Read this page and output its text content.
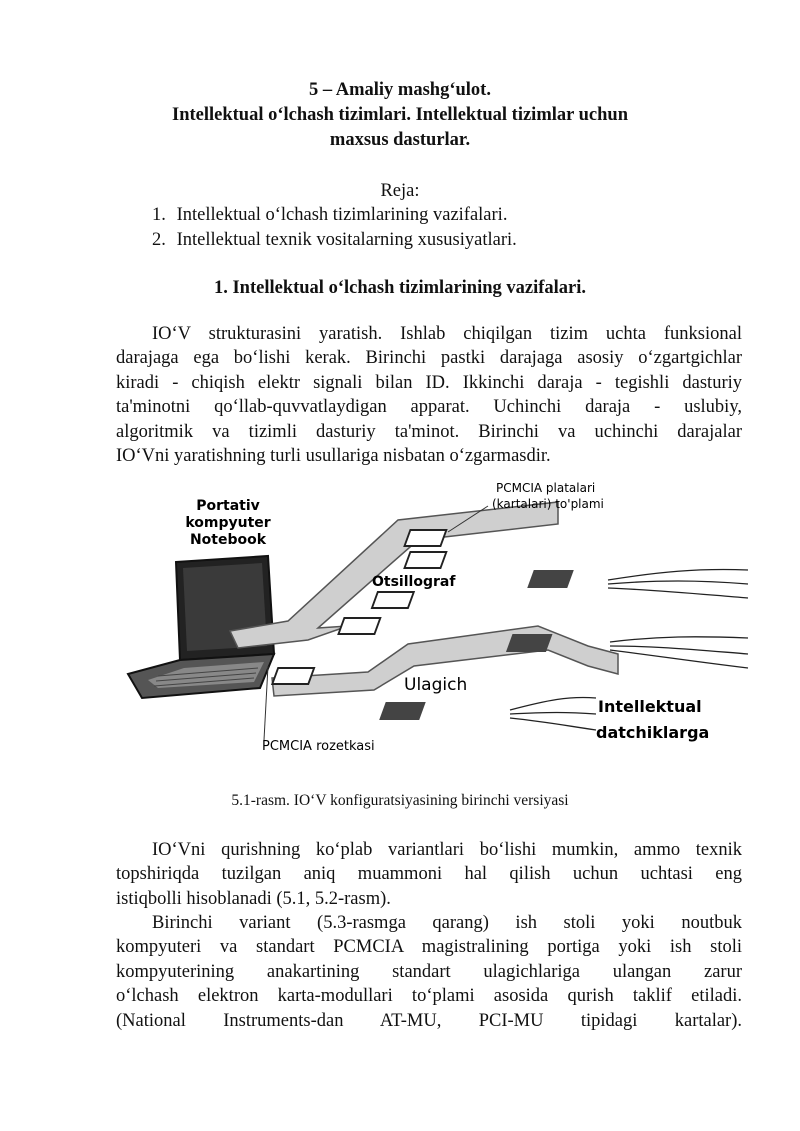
5 – Amaliy mashg‘ulot.
Intellektual o‘lchash tizimlari. Intellektual tizimlar uchun
maxsus dasturlar.
Reja:
1. Intellektual o‘lchash tizimlarining vazifalari.
2. Intellektual texnik vositalarning xususiyatlari.
1. Intellektual o‘lchash tizimlarining vazifalari.
IO‘V strukturasini yaratish. Ishlab chiqilgan tizim uchta funksional
darajaga ega bo‘lishi kerak. Birinchi pastki darajaga asosiy o‘zgartgichlar
kiradi - chiqish elektr signali bilan ID. Ikkinchi daraja - tegishli dasturiy
ta'minotni qo‘llab-quvvatlaydigan apparat. Uchinchi daraja - uslubiy,
algoritmik va tizimli dasturiy ta'minot. Birinchi va uchinchi darajalar
IO‘Vni yaratishning turli usullariga nisbatan o‘zgarmasdir.
Portativ
kompyuter
Notebook
PCMCIA platalari
(kartalari) to'plami
Otsillograf
Ulagich
Intellektual
datchiklarga
PCMCIA rozetkasi
5.1-rasm. IO‘V konfiguratsiyasining birinchi versiyasi
IO‘Vni qurishning ko‘plab variantlari bo‘lishi mumkin, ammo texnik
topshiriqda tuzilgan aniq muammoni hal qilish uchun uchtasi eng
istiqbolli hisoblanadi (5.1, 5.2-rasm).
Birinchi variant (5.3-rasmga qarang) ish stoli yoki noutbuk
kompyuteri va standart PCMCIA magistralining portiga yoki ish stoli
kompyuterining anakartining standart ulagichlariga ulangan zarur
o‘lchash elektron karta-modullari to‘plami asosida qurish taklif etiladi.
(National Instruments-dan AT-MU, PCI-MU tipidagi kartalar).
